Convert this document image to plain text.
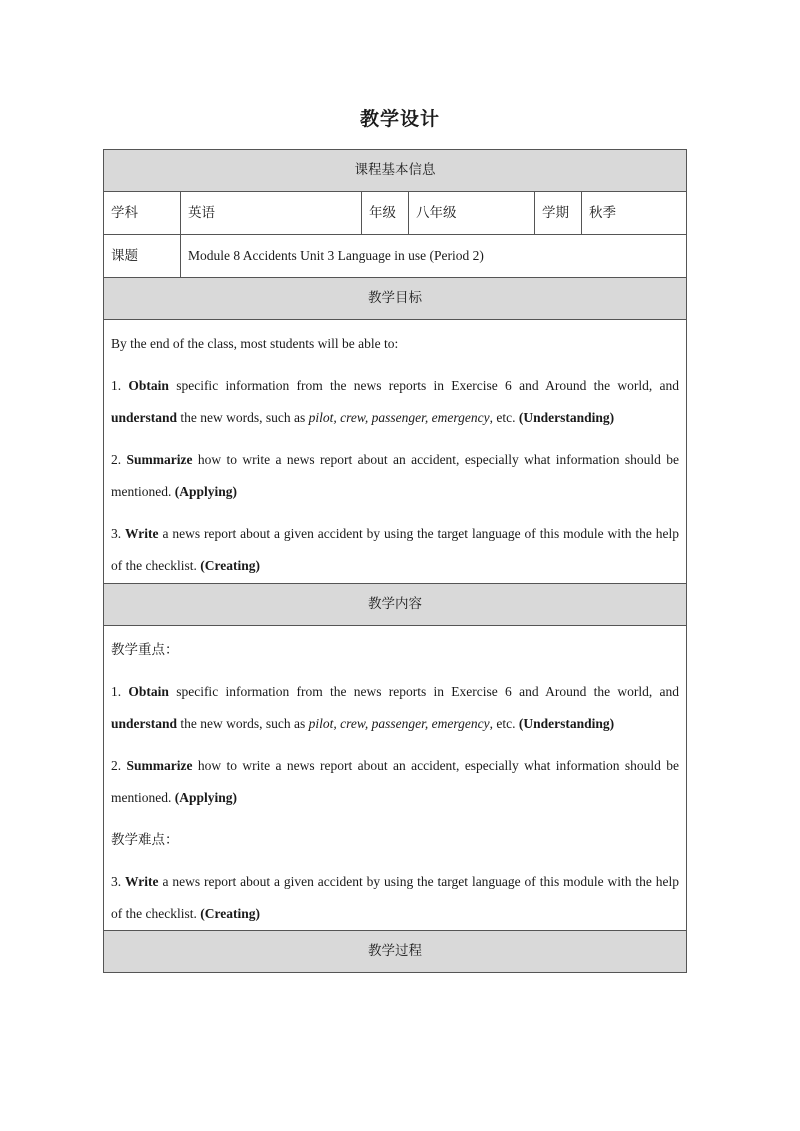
教学设计
课程基本信息					
学科	英语	年级	八年级	学期	秋季
课题	Module 8 Accidents Unit 3 Language in use (Period 2)				
教学目标					

By the end of the class, most students will be able to:

1. Obtain specific information from the news reports in Exercise 6 and Around the world, and understand the new words, such as pilot, crew, passenger, emergency, etc. (Understanding)

2. Summarize how to write a news report about an accident, especially what information should be mentioned. (Applying)

3. Write a news report about a given accident by using the target language of this module with the help of the checklist. (Creating)					

教学内容					

教学重点：

1. Obtain specific information from the news reports in Exercise 6 and Around the world, and understand the new words, such as pilot, crew, passenger, emergency, etc. (Understanding)

2. Summarize how to write a news report about an accident, especially what information should be mentioned. (Applying)

教学难点：

3. Write a news report about a given accident by using the target language of this module with the help of the checklist. (Creating)					

教学过程					
